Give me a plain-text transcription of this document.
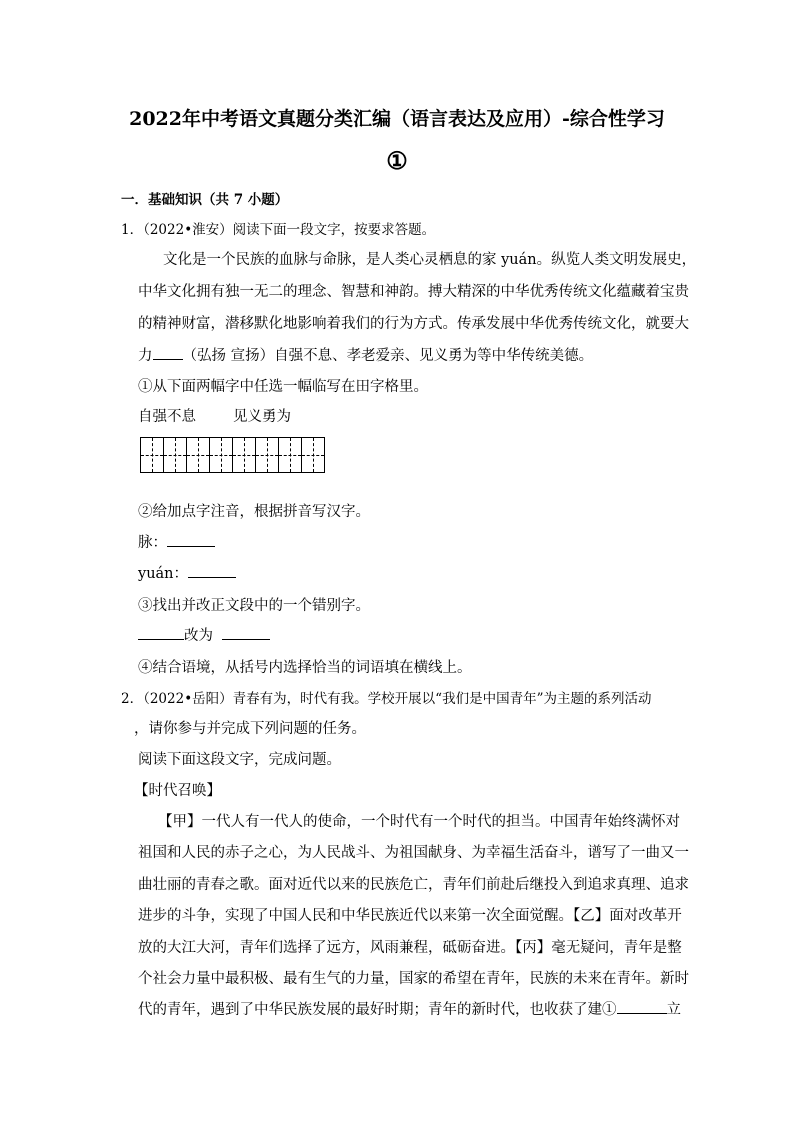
2022年中考语文真题分类汇编（语言表达及应用）-综合性学习
①
一．基础知识（共 7 小题）
1．（2022•淮安）阅读下面一段文字，按要求答题。
文化是一个民族的血脉与命脉，是人类心灵栖息的家 yuán。纵览人类文明发展史，
中华文化拥有独一无二的理念、智慧和神韵。搏大精深的中华优秀传统文化蕴藏着宝贵
的精神财富，潜移默化地影响着我们的行为方式。传承发展中华优秀传统文化，就要大
力 （弘扬 宣扬）自强不息、孝老爱亲、见义勇为等中华传统美德。
①从下面两幅字中任选一幅临写在田字格里。
自强不息	见义勇为
②给加点字注音，根据拼音写汉字。
脉：
yuán：
③找出并改正文段中的一个错别字。
改为
④结合语境，从括号内选择恰当的词语填在横线上。
2．（2022•岳阳）青春有为，时代有我。学校开展以“我们是中国青年”为主题的系列活动
，请你参与并完成下列问题的任务。
阅读下面这段文字，完成问题。
【时代召唤】
【甲】一代人有一代人的使命，一个时代有一个时代的担当。中国青年始终满怀对
祖国和人民的赤子之心，为人民战斗、为祖国献身、为幸福生活奋斗，谱写了一曲又一
曲壮丽的青春之歌。面对近代以来的民族危亡，青年们前赴后继投入到追求真理、追求
进步的斗争，实现了中国人民和中华民族近代以来第一次全面觉醒。【乙】面对改革开
放的大江大河，青年们选择了远方，风雨兼程，砥砺奋进。【丙】毫无疑问，青年是整
个社会力量中最积极、最有生气的力量，国家的希望在青年，民族的未来在青年。新时
代的青年，遇到了中华民族发展的最好时期；青年的新时代，也收获了建①	立
